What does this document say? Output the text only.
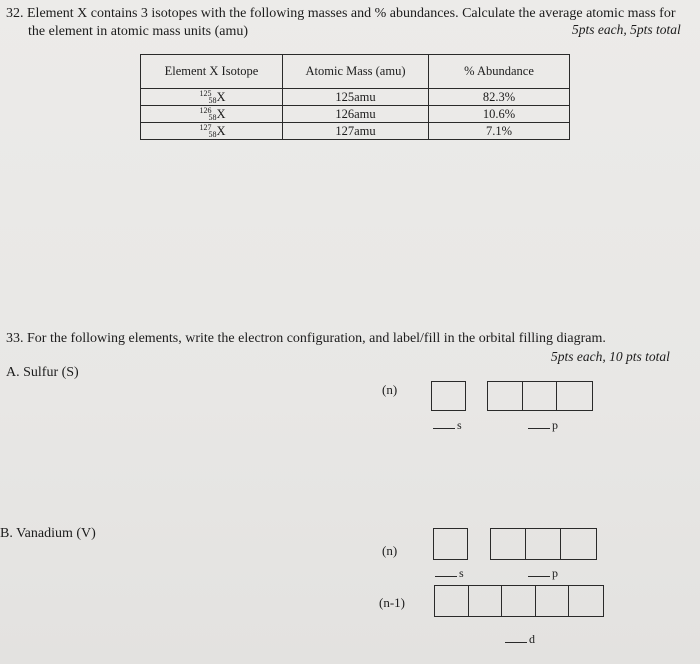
32. Element X contains 3 isotopes with the following masses and % abundances. Calculate the average atomic mass for
the element in atomic mass units (amu)	5pts each, 5pts total
Element X Isotope	Atomic Mass (amu)	% Abundance
$^{125}_{58}$X	125amu	82.3%
$^{126}_{58}$X	126amu	10.6%
$^{127}_{58}$X	127amu	7.1%
33. For the following elements, write the electron configuration, and label/fill in the orbital filling diagram.
5pts each, 10 pts total
A. Sulfur (S)
(n)
s	p
B. Vanadium (V)
(n)
s	p
(n-1)
d
